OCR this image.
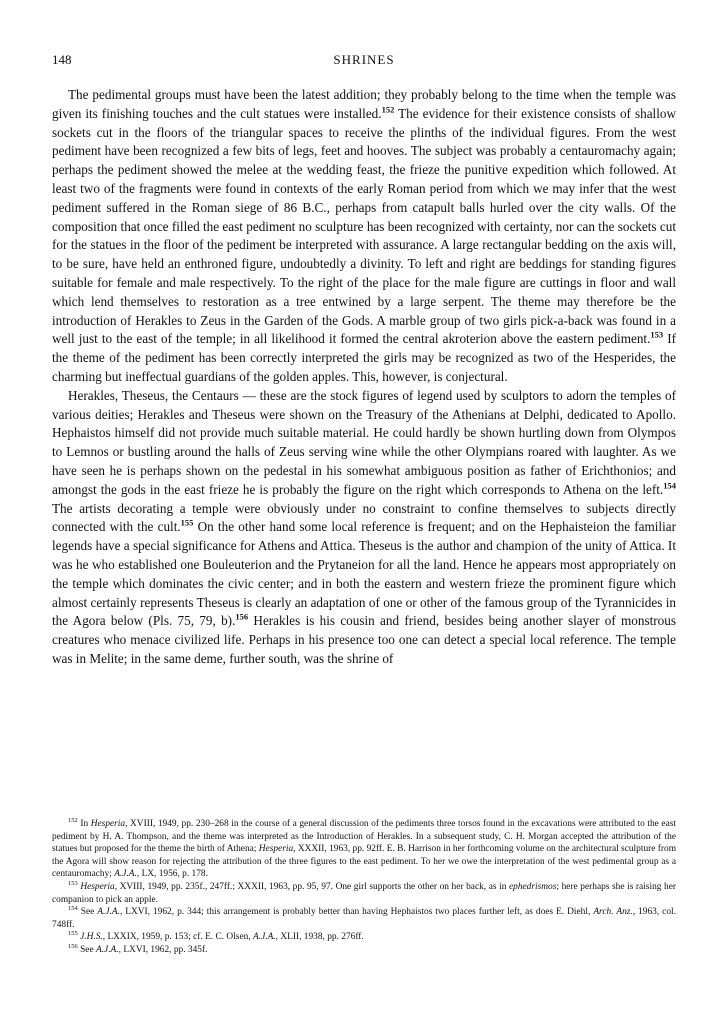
148	SHRINES

The pedimental groups must have been the latest addition; they probably belong to the time when the temple was given its finishing touches and the cult statues were installed.$^{152}$ The evidence for their existence consists of shallow sockets cut in the floors of the triangular spaces to receive the plinths of the individual figures. From the west pediment have been recognized a few bits of legs, feet and hooves. The subject was probably a centauromachy again; perhaps the pediment showed the melee at the wedding feast, the frieze the punitive expedition which followed. At least two of the fragments were found in contexts of the early Roman period from which we may infer that the west pediment suffered in the Roman siege of 86 B.C., perhaps from catapult balls hurled over the city walls. Of the composition that once filled the east pediment no sculpture has been recognized with certainty, nor can the sockets cut for the statues in the floor of the pediment be interpreted with assurance. A large rectangular bedding on the axis will, to be sure, have held an enthroned figure, undoubtedly a divinity. To left and right are beddings for standing figures suitable for female and male respectively. To the right of the place for the male figure are cuttings in floor and wall which lend themselves to restoration as a tree entwined by a large serpent. The theme may therefore be the introduction of Herakles to Zeus in the Garden of the Gods. A marble group of two girls pick-a-back was found in a well just to the east of the temple; in all likelihood it formed the central akroterion above the eastern pediment.$^{153}$ If the theme of the pediment has been correctly interpreted the girls may be recognized as two of the Hesperides, the charming but ineffectual guardians of the golden apples. This, however, is conjectural.

Herakles, Theseus, the Centaurs — these are the stock figures of legend used by sculptors to adorn the temples of various deities; Herakles and Theseus were shown on the Treasury of the Athenians at Delphi, dedicated to Apollo. Hephaistos himself did not provide much suitable material. He could hardly be shown hurtling down from Olympos to Lemnos or bustling around the halls of Zeus serving wine while the other Olympians roared with laughter. As we have seen he is perhaps shown on the pedestal in his somewhat ambiguous position as father of Erichthonios; and amongst the gods in the east frieze he is probably the figure on the right which corresponds to Athena on the left.$^{154}$ The artists decorating a temple were obviously under no constraint to confine themselves to subjects directly connected with the cult.$^{155}$ On the other hand some local reference is frequent; and on the Hephaisteion the familiar legends have a special significance for Athens and Attica. Theseus is the author and champion of the unity of Attica. It was he who established one Bouleuterion and the Prytaneion for all the land. Hence he appears most appropriately on the temple which dominates the civic center; and in both the eastern and western frieze the prominent figure which almost certainly represents Theseus is clearly an adaptation of one or other of the famous group of the Tyrannicides in the Agora below (Pls. 75, 79, b).$^{156}$ Herakles is his cousin and friend, besides being another slayer of monstrous creatures who menace civilized life. Perhaps in his presence too one can detect a special local reference. The temple was in Melite; in the same deme, further south, was the shrine of

$^{152}$ In Hesperia, XVIII, 1949, pp. 230–268 in the course of a general discussion of the pediments three torsos found in the excavations were attributed to the east pediment by H. A. Thompson, and the theme was interpreted as the Introduction of Herakles. In a subsequent study, C. H. Morgan accepted the attribution of the statues but proposed for the theme the birth of Athena; Hesperia, XXXII, 1963, pp. 92ff. E. B. Harrison in her forthcoming volume on the architectural sculpture from the Agora will show reason for rejecting the attribution of the three figures to the east pediment. To her we owe the interpretation of the west pedimental group as a centauromachy; A.J.A., LX, 1956, p. 178.

$^{153}$ Hesperia, XVIII, 1949, pp. 235f., 247ff.; XXXII, 1963, pp. 95, 97. One girl supports the other on her back, as in ephedrismos; here perhaps she is raising her companion to pick an apple.

$^{154}$ See A.J.A., LXVI, 1962, p. 344; this arrangement is probably better than having Hephaistos two places further left, as does E. Diehl, Arch. Anz., 1963, col. 748ff.

$^{155}$ J.H.S., LXXIX, 1959, p. 153; cf. E. C. Olsen, A.J.A., XLII, 1938, pp. 276ff.

$^{156}$ See A.J.A., LXVI, 1962, pp. 345f.
